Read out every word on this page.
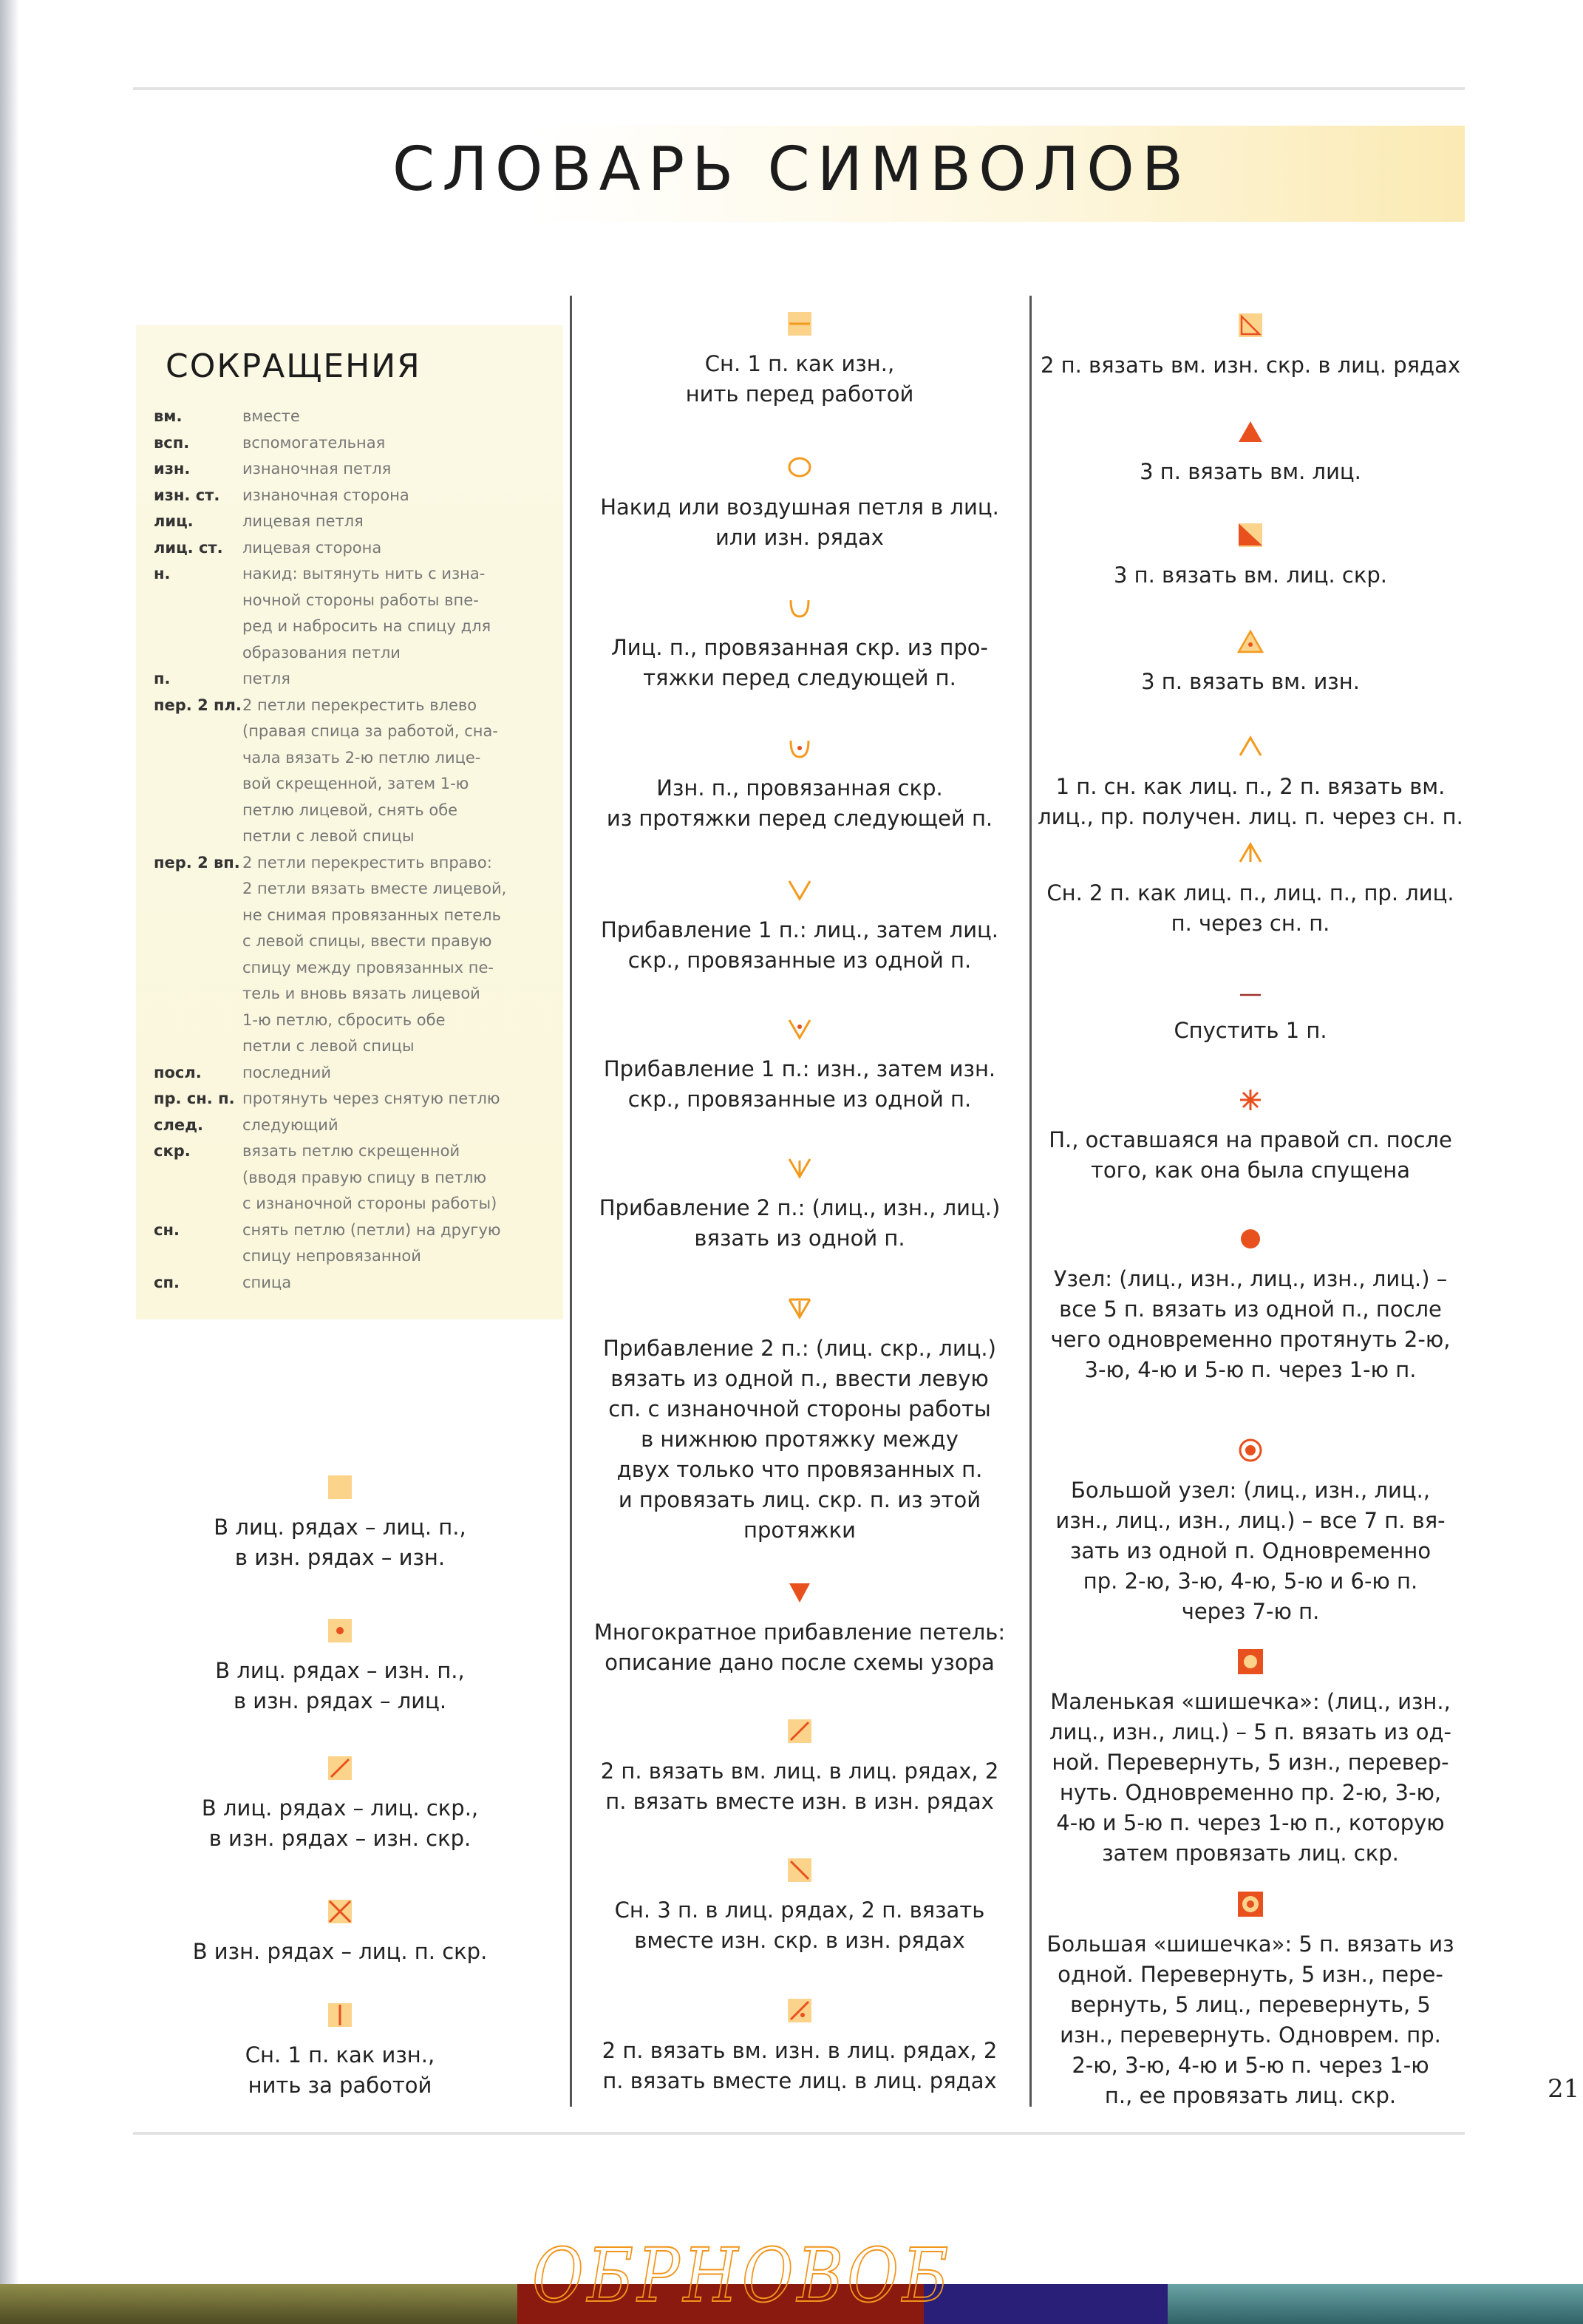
СЛОВАРЬ СИМВОЛОВ
СОКРАЩЕНИЯ
вм.	вместе
всп.	вспомогательная
изн.	изнаночная петля
изн. ст.	изнаночная сторона
лиц.	лицевая петля
лиц. ст.	лицевая сторона
н.	накид: вытянуть нить с изна-
ночной стороны работы впе-
ред и набросить на спицу для
образования петли
п.	петля
пер. 2 пл. 2 петли перекрестить влево
(правая спица за работой, сна-
чала вязать 2-ю петлю лице-
вой скрещенной, затем 1-ю
петлю лицевой, снять обе
петли с левой спицы
пер. 2 вп. 2 петли перекрестить вправо:
2 петли вязать вместе лицевой,
не снимая провязанных петель
с левой спицы, ввести правую
спицу между провязанных пе-
тель и вновь вязать лицевой
1-ю петлю, сбросить обе
петли с левой спицы
посл.	последний
пр. сн. п. протянуть через снятую петлю
след.	следующий
скр.	вязать петлю скрещенной
(вводя правую спицу в петлю
с изнаночной стороны работы)
сн.	снять петлю (петли) на другую
спицу непровязанной
сп.	спица
В лиц. рядах – лиц. п.,
в изн. рядах – изн.
В лиц. рядах – изн. п.,
в изн. рядах – лиц.
В лиц. рядах – лиц. скр.,
в изн. рядах – изн. скр.
В изн. рядах – лиц. п. скр.
Сн. 1 п. как изн.,
нить за работой
Сн. 1 п. как изн.,
нить перед работой
Накид или воздушная петля в лиц.
или изн. рядах
Лиц. п., провязанная скр. из про-
тяжки перед следующей п.
Изн. п., провязанная скр.
из протяжки перед следующей п.
Прибавление 1 п.: лиц., затем лиц.
скр., провязанные из одной п.
Прибавление 1 п.: изн., затем изн.
скр., провязанные из одной п.
Прибавление 2 п.: (лиц., изн., лиц.)
вязать из одной п.
Прибавление 2 п.: (лиц. скр., лиц.)
вязать из одной п., ввести левую
сп. с изнаночной стороны работы
в нижнюю протяжку между
двух только что провязанных п.
и провязать лиц. скр. п. из этой
протяжки
Многократное прибавление петель:
описание дано после схемы узора
2 п. вязать вм. лиц. в лиц. рядах, 2
п. вязать вместе изн. в изн. рядах
Сн. 3 п. в лиц. рядах, 2 п. вязать
вместе изн. скр. в изн. рядах
2 п. вязать вм. изн. в лиц. рядах, 2
п. вязать вместе лиц. в лиц. рядах
2 п. вязать вм. изн. скр. в лиц. рядах
3 п. вязать вм. лиц.
3 п. вязать вм. лиц. скр.
3 п. вязать вм. изн.
1 п. сн. как лиц. п., 2 п. вязать вм.
лиц., пр. получен. лиц. п. через сн. п.
Сн. 2 п. как лиц. п., лиц. п., пр. лиц.
п. через сн. п.
Спустить 1 п.
П., оставшаяся на правой сп. после
того, как она была спущена
Узел: (лиц., изн., лиц., изн., лиц.) –
все 5 п. вязать из одной п., после
чего одновременно протянуть 2-ю,
3-ю, 4-ю и 5-ю п. через 1-ю п.
Большой узел: (лиц., изн., лиц.,
изн., лиц., изн., лиц.) – все 7 п. вя-
зать из одной п. Одновременно
пр. 2-ю, 3-ю, 4-ю, 5-ю и 6-ю п.
через 7-ю п.
Маленькая «шишечка»: (лиц., изн.,
лиц., изн., лиц.) – 5 п. вязать из од-
ной. Перевернуть, 5 изн., перевер-
нуть. Одновременно пр. 2-ю, 3-ю,
4-ю и 5-ю п. через 1-ю п., которую
затем провязать лиц. скр.
Большая «шишечка»: 5 п. вязать из
одной. Перевернуть, 5 изн., пере-
вернуть, 5 лиц., перевернуть, 5
изн., перевернуть. Одноврем. пр.
2-ю, 3-ю, 4-ю и 5-ю п. через 1-ю
п., ее провязать лиц. скр.	21
ОБРНОВОБ
